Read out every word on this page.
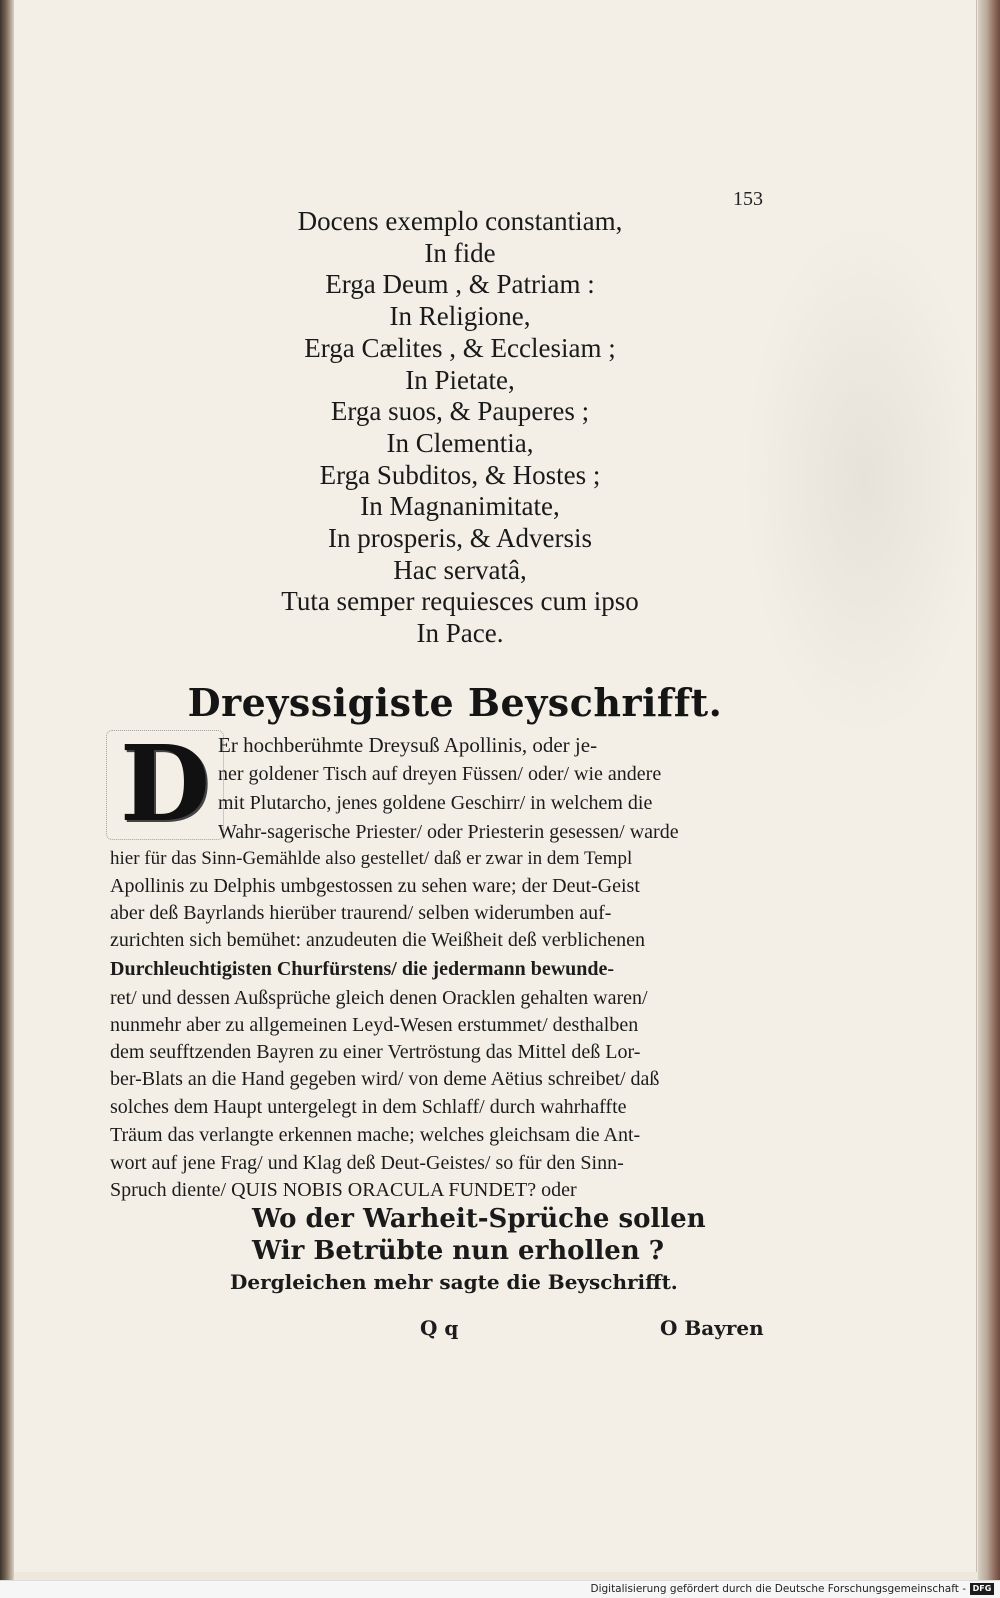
153
Docens exemplo constantiam,
In fide
Erga Deum , & Patriam :
In Religione,
Erga Cælites , & Ecclesiam ;
In Pietate,
Erga suos, & Pauperes ;
In Clementia,
Erga Subditos, & Hostes ;
In Magnanimitate,
In prosperis, & Adversis
Hac servatâ,
Tuta semper requiesces cum ipso
In Pace.
Dreyssigiste Beyschrifft.
D Er hochberühmte Dreysuß Apollinis, oder je-
ner goldener Tisch auf dreyen Füssen/ oder/ wie andere
mit Plutarcho, jenes goldene Geschirr/ in welchem die
Wahr-sagerische Priester/ oder Priesterin gesessen/ warde
hier für das Sinn-Gemählde also gestellet/ daß er zwar in dem Templ
Apollinis zu Delphis umbgestossen zu sehen ware; der Deut-Geist
aber deß Bayrlands hierüber traurend/ selben widerumben auf-
zurichten sich bemühet: anzudeuten die Weißheit deß verblichenen
Durchleuchtigisten Churfürstens/ die jedermann bewunde-
ret/ und dessen Außsprüche gleich denen Oracklen gehalten waren/
nunmehr aber zu allgemeinen Leyd-Wesen erstummet/ desthalben
dem seufftzenden Bayren zu einer Vertröstung das Mittel deß Lor-
ber-Blats an die Hand gegeben wird/ von deme Aëtius schreibet/ daß
solches dem Haupt untergelegt in dem Schlaff/ durch wahrhaffte
Träum das verlangte erkennen mache; welches gleichsam die Ant-
wort auf jene Frag/ und Klag deß Deut-Geistes/ so für den Sinn-
Spruch diente/ QUIS NOBIS ORACULA FUNDET? oder
Wo der Warheit-Sprüche sollen
Wir Betrübte nun erhollen ?
Dergleichen mehr sagte die Beyschrifft.
Q q	O Bayren
Digitalisierung gefördert durch die Deutsche Forschungsgemeinschaft - DFG
